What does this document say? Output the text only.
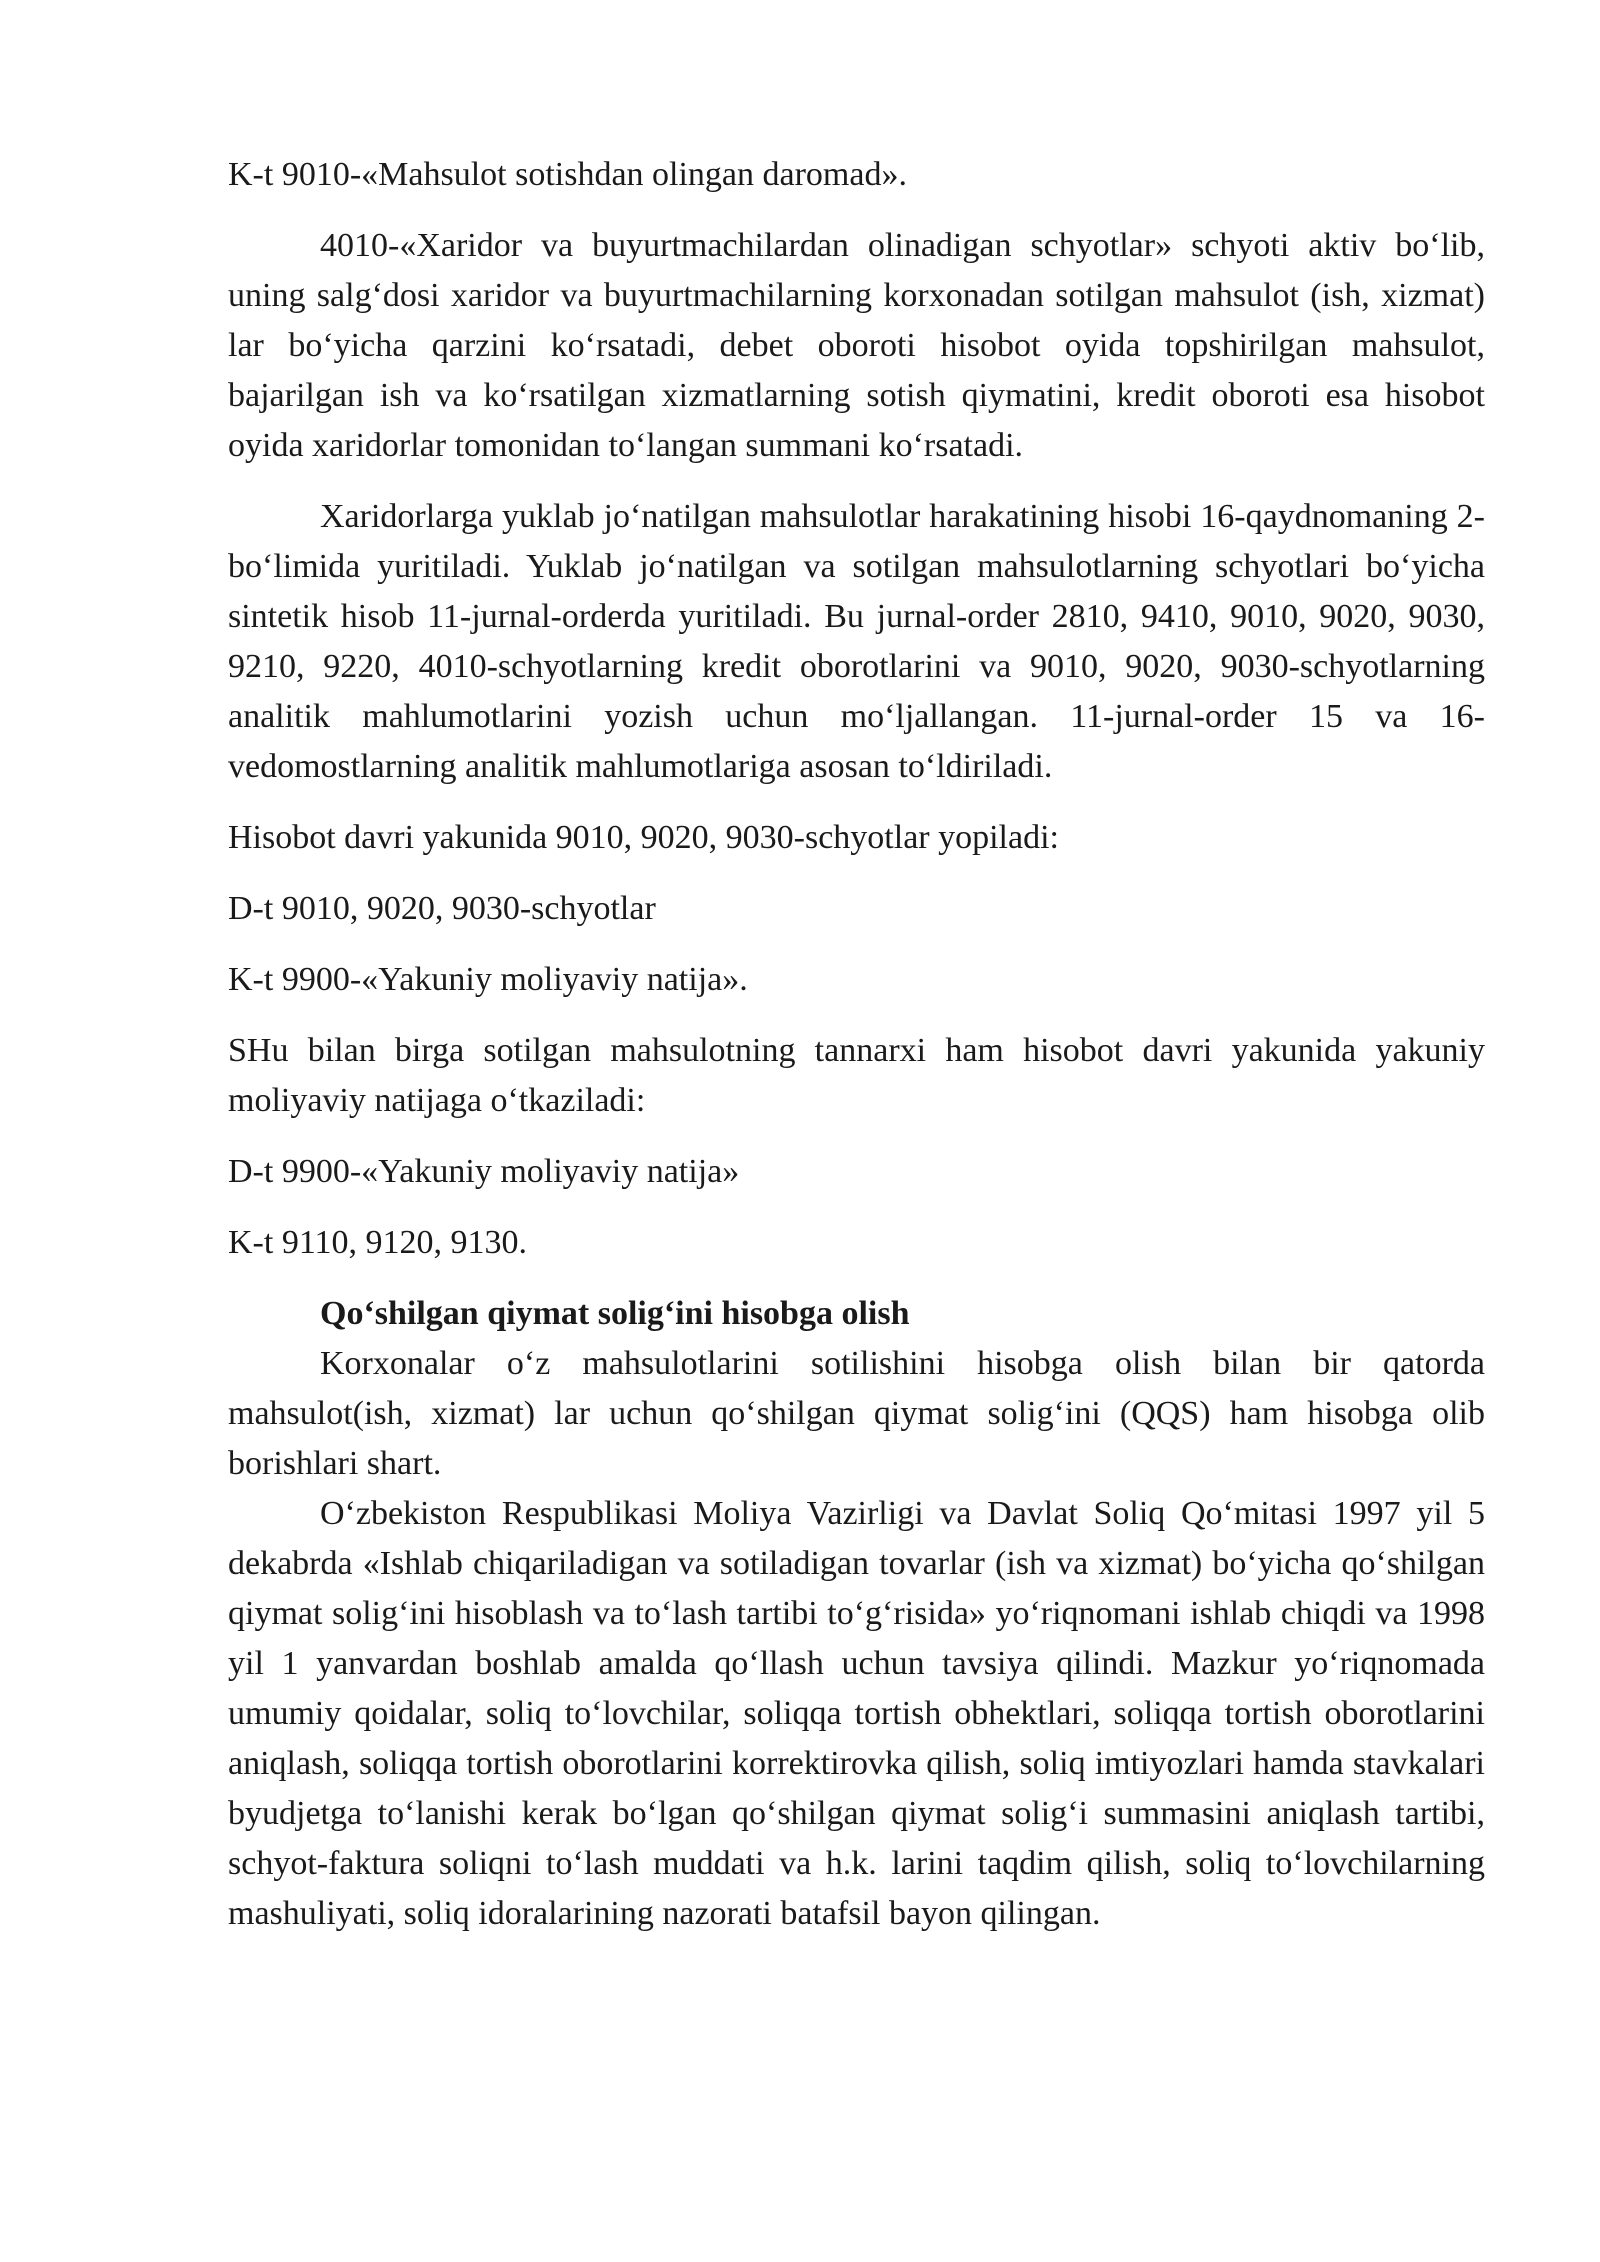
K-t 9010-«Mahsulot sotishdan olingan daromad».

4010-«Xaridor va buyurtmachilardan olinadigan schyotlar» schyoti aktiv bo‘lib, uning salg‘dosi xaridor va buyurtmachilarning korxonadan sotilgan mahsulot (ish, xizmat) lar bo‘yicha qarzini ko‘rsatadi, debet oboroti hisobot oyida topshirilgan mahsulot, bajarilgan ish va ko‘rsatilgan xizmatlarning sotish qiymatini, kredit oboroti esa hisobot oyida xaridorlar tomonidan to‘langan summani ko‘rsatadi.

Xaridorlarga yuklab jo‘natilgan mahsulotlar harakatining hisobi 16-qaydnomaning 2-bo‘limida yuritiladi. Yuklab jo‘natilgan va sotilgan mahsulotlarning schyotlari bo‘yicha sintetik hisob 11-jurnal-orderda yuritiladi. Bu jurnal-order 2810, 9410, 9010, 9020, 9030, 9210, 9220, 4010-schyotlarning kredit oborotlarini va 9010, 9020, 9030-schyotlarning analitik mahlumotlarini yozish uchun mo‘ljallangan. 11-jurnal-order 15 va 16-vedomostlarning analitik mahlumotlariga asosan to‘ldiriladi.

Hisobot davri yakunida 9010, 9020, 9030-schyotlar yopiladi:

D-t 9010, 9020, 9030-schyotlar

K-t 9900-«Yakuniy moliyaviy natija».

SHu bilan birga sotilgan mahsulotning tannarxi ham hisobot davri yakunida yakuniy moliyaviy natijaga o‘tkaziladi:

D-t 9900-«Yakuniy moliyaviy natija»

K-t 9110, 9120, 9130.

Qo‘shilgan qiymat solig‘ini hisobga olish

Korxonalar o‘z mahsulotlarini sotilishini hisobga olish bilan bir qatorda mahsulot(ish, xizmat) lar uchun qo‘shilgan qiymat solig‘ini (QQS) ham hisobga olib borishlari shart.

O‘zbekiston Respublikasi Moliya Vazirligi va Davlat Soliq Qo‘mitasi 1997 yil 5 dekabrda «Ishlab chiqariladigan va sotiladigan tovarlar (ish va xizmat) bo‘yicha qo‘shilgan qiymat solig‘ini hisoblash va to‘lash tartibi to‘g‘risida» yo‘riqnomani ishlab chiqdi va 1998 yil 1 yanvardan boshlab amalda qo‘llash uchun tavsiya qilindi. Mazkur yo‘riqnomada umumiy qoidalar, soliq to‘lovchilar, soliqqa tortish obhektlari, soliqqa tortish oborotlarini aniqlash, soliqqa tortish oborotlarini korrektirovka qilish, soliq imtiyozlari hamda stavkalari byudjetga to‘lanishi kerak bo‘lgan qo‘shilgan qiymat solig‘i summasini aniqlash tartibi, schyot-faktura soliqni to‘lash muddati va h.k. larini taqdim qilish, soliq to‘lovchilarning mashuliyati, soliq idoralarining nazorati batafsil bayon qilingan.
